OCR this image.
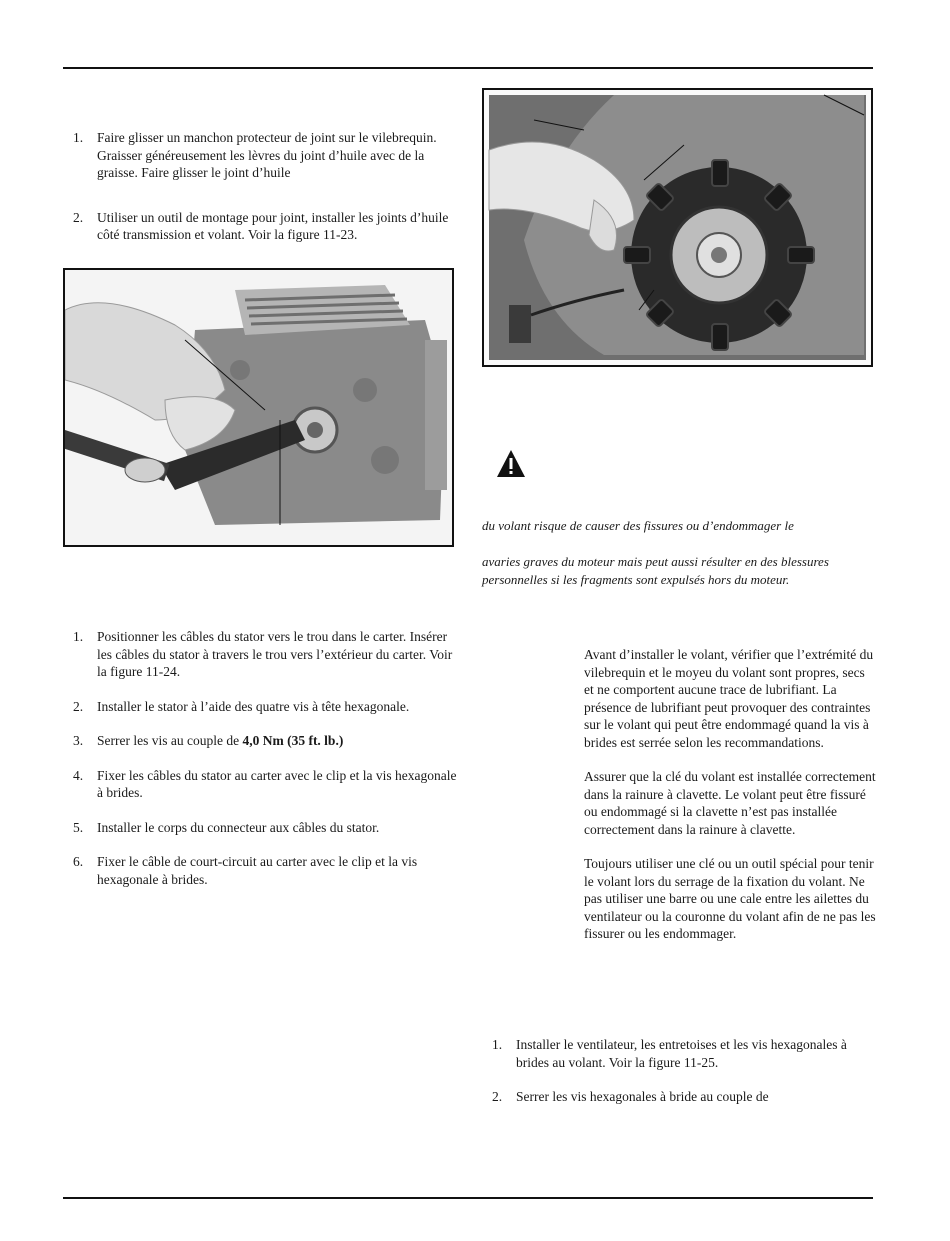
1. Faire glisser un manchon protecteur de joint sur le vilebrequin. Graisser généreusement les lèvres du joint d’huile avec de la graisse. Faire glisser le joint d’huile
2. Utiliser un outil de montage pour joint, installer les joints d’huile côté transmission et volant. Voir la figure 11-23.
du volant risque de causer des fissures ou d’endommager le
avaries graves du moteur mais peut aussi résulter en des blessures
personnelles si les fragments sont expulsés hors du moteur.
1. Positionner les câbles du stator vers le trou dans le carter. Insérer les câbles du stator à travers le trou vers l’extérieur du carter. Voir la figure 11-24.
2. Installer le stator à l’aide des quatre vis à tête hexagonale.
3. Serrer les vis au couple de 4,0 Nm (35 ft. lb.)
4. Fixer les câbles du stator au carter avec le clip et la vis hexagonale à brides.
5. Installer le corps du connecteur aux câbles du stator.
6. Fixer le câble de court-circuit au carter avec le clip et la vis hexagonale à brides.

Avant d’installer le volant, vérifier que l’extrémité du vilebrequin et le moyeu du volant sont propres, secs et ne comportent aucune trace de lubrifiant. La présence de lubrifiant peut provoquer des contraintes sur le volant qui peut être endommagé quand la vis à brides est serrée selon les recommandations.

Assurer que la clé du volant est installée correctement dans la rainure à clavette. Le volant peut être fissuré ou endommagé si la clavette n’est pas installée correctement dans la rainure à clavette.

Toujours utiliser une clé ou un outil spécial pour tenir le volant lors du serrage de la fixation du volant. Ne pas utiliser une barre ou une cale entre les ailettes du ventilateur ou la couronne du volant afin de ne pas les fissurer ou les endommager.

1. Installer le ventilateur, les entretoises et les vis hexagonales à brides au volant. Voir la figure 11-25.
2. Serrer les vis hexagonales à bride au couple de
